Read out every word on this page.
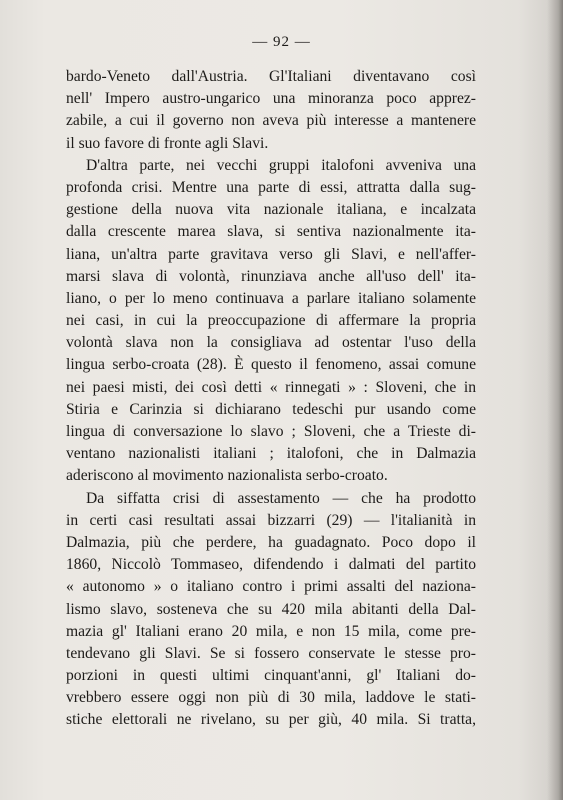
— 92 —
bardo-Veneto dall'Austria. Gl'Italiani diventavano così
nell' Impero austro-ungarico una minoranza poco apprez-
zabile, a cui il governo non aveva più interesse a mantenere
il suo favore di fronte agli Slavi.
D'altra parte, nei vecchi gruppi italofoni avveniva una
profonda crisi. Mentre una parte di essi, attratta dalla sug-
gestione della nuova vita nazionale italiana, e incalzata
dalla crescente marea slava, si sentiva nazionalmente ita-
liana, un'altra parte gravitava verso gli Slavi, e nell'affer-
marsi slava di volontà, rinunziava anche all'uso dell' ita-
liano, o per lo meno continuava a parlare italiano solamente
nei casi, in cui la preoccupazione di affermare la propria
volontà slava non la consigliava ad ostentar l'uso della
lingua serbo-croata (28). È questo il fenomeno, assai comune
nei paesi misti, dei così detti « rinnegati » : Sloveni, che in
Stiria e Carinzia si dichiarano tedeschi pur usando come
lingua di conversazione lo slavo ; Sloveni, che a Trieste di-
ventano nazionalisti italiani ; italofoni, che in Dalmazia
aderiscono al movimento nazionalista serbo-croato.
Da siffatta crisi di assestamento — che ha prodotto
in certi casi resultati assai bizzarri (29) — l'italianità in
Dalmazia, più che perdere, ha guadagnato. Poco dopo il
1860, Niccolò Tommaseo, difendendo i dalmati del partito
« autonomo » o italiano contro i primi assalti del naziona-
lismo slavo, sosteneva che su 420 mila abitanti della Dal-
mazia gl' Italiani erano 20 mila, e non 15 mila, come pre-
tendevano gli Slavi. Se si fossero conservate le stesse pro-
porzioni in questi ultimi cinquant'anni, gl' Italiani do-
vrebbero essere oggi non più di 30 mila, laddove le stati-
stiche elettorali ne rivelano, su per giù, 40 mila. Si tratta,
